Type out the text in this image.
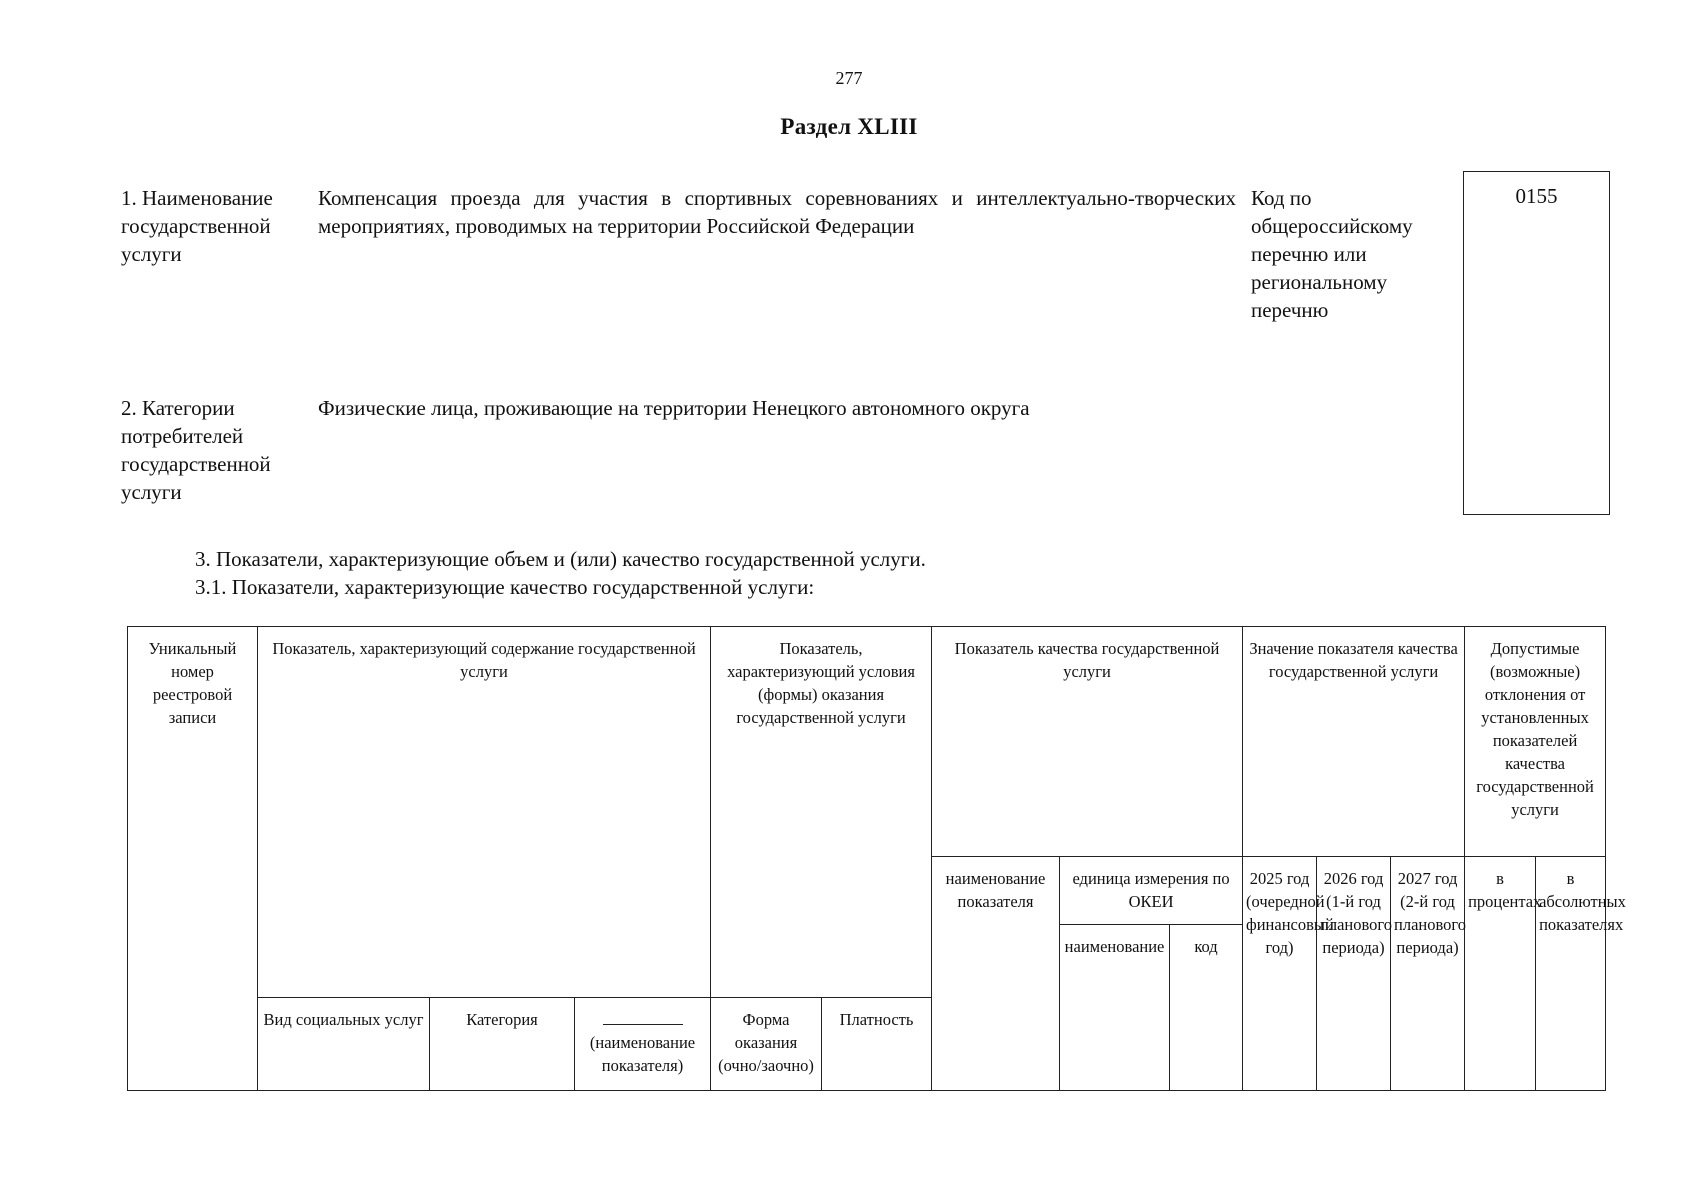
277
Раздел XLIII
1. Наименование государственной услуги
Компенсация проезда для участия в спортивных соревнованиях и интеллектуально-творческих мероприятиях, проводимых на территории Российской Федерации
Код по общероссийскому перечню или региональному перечню
0155
2. Категории потребителей государственной услуги
Физические лица, проживающие на территории Ненецкого автономного округа
3. Показатели, характеризующие объем и (или) качество государственной услуги.
3.1. Показатели, характеризующие качество государственной услуги:
Уникальный номер реестровой записи	Показатель, характеризующий содержание государственной услуги			Показатель, характеризующий условия (формы) оказания государственной услуги		Показатель качества государственной услуги			Значение показателя качества государственной услуги			Допустимые (возможные) отклонения от установленных показателей качества государственной услуги	
						наименование показателя	единица измерения по ОКЕИ		2025 год (очередной финансовый год)	2026 год (1-й год планового периода)	2027 год (2-й год планового периода)	в процентах	в абсолютных показателях
							наименование	код					
	Вид социальных услуг	Категория	(наименование показателя)	Форма оказания (очно/заочно)	Платность								
